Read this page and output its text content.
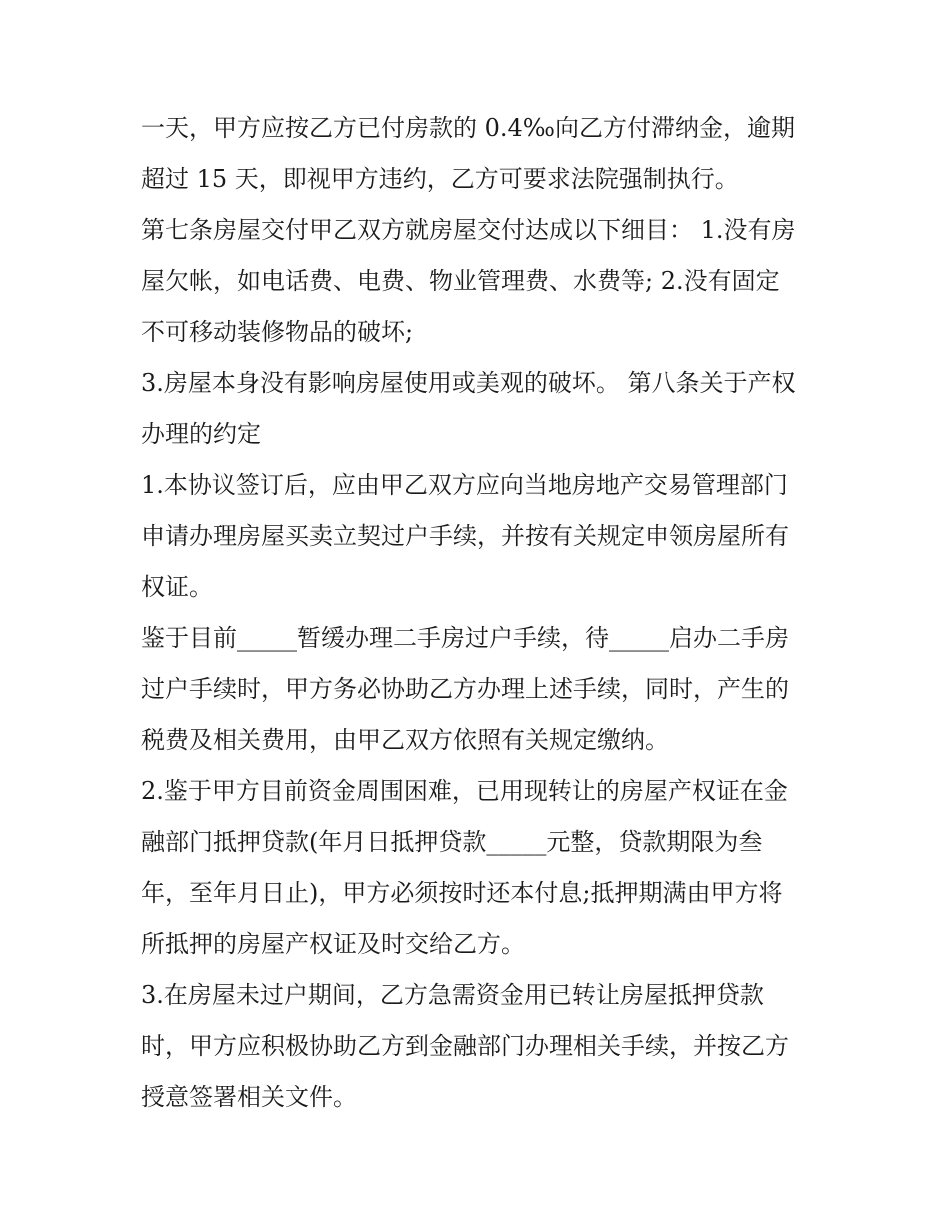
一天，甲方应按乙方已付房款的 0.4‰向乙方付滞纳金，逾期
超过 15 天，即视甲方违约，乙方可要求法院强制执行。
第七条房屋交付甲乙双方就房屋交付达成以下细目： 1.没有房
屋欠帐，如电话费、电费、物业管理费、水费等; 2.没有固定
不可移动装修物品的破坏;
3.房屋本身没有影响房屋使用或美观的破坏。 第八条关于产权
办理的约定
1.本协议签订后，应由甲乙双方应向当地房地产交易管理部门
申请办理房屋买卖立契过户手续，并按有关规定申领房屋所有
权证。
鉴于目前_____暂缓办理二手房过户手续，待_____启办二手房
过户手续时，甲方务必协助乙方办理上述手续，同时，产生的
税费及相关费用，由甲乙双方依照有关规定缴纳。
2.鉴于甲方目前资金周围困难，已用现转让的房屋产权证在金
融部门抵押贷款(年月日抵押贷款_____元整，贷款期限为叁
年，至年月日止)，甲方必须按时还本付息;抵押期满由甲方将
所抵押的房屋产权证及时交给乙方。
3.在房屋未过户期间，乙方急需资金用已转让房屋抵押贷款
时，甲方应积极协助乙方到金融部门办理相关手续，并按乙方
授意签署相关文件。
